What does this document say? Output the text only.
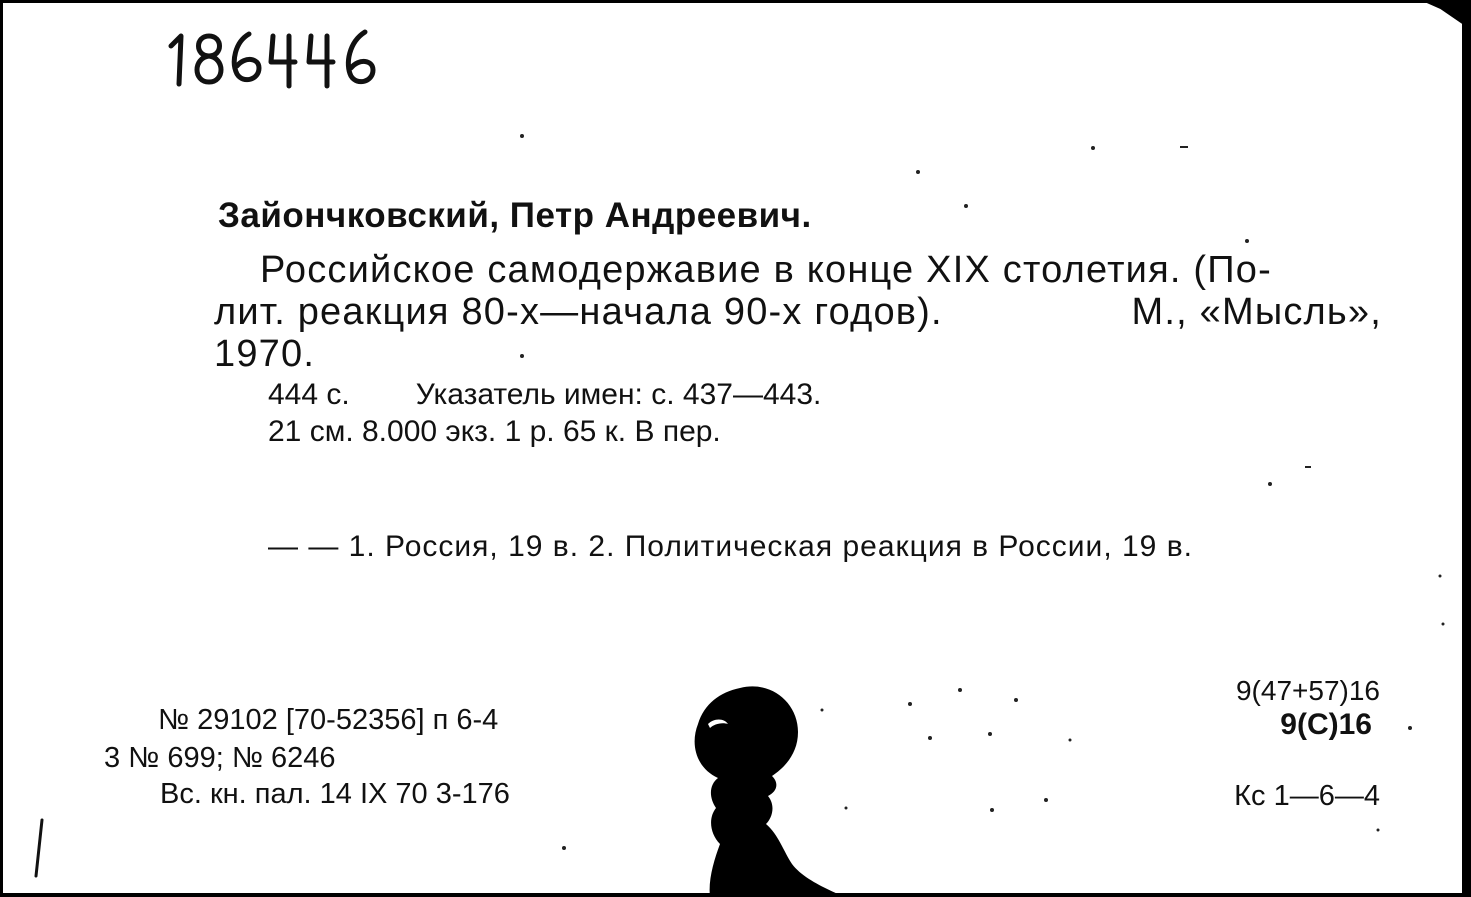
Зайончковский, Петр Андреевич.
Российское самодержавие в конце XIX столетия. (По-
лит. реакция 80-х—начала 90-х годов).	М., «Мысль»,
1970.
444 с. Указатель имен: с. 437—443.
21 см. 8.000 экз. 1 р. 65 к. В пер.
— — 1. Россия, 19 в. 2. Политическая реакция в России, 19 в.
№ 29102 [70-52356] п 6-4
3 № 699; № 6246
Вс. кн. пал. 14 IX 70 3-176
9(47+57)16
9(С)16
Кс 1—6—4
